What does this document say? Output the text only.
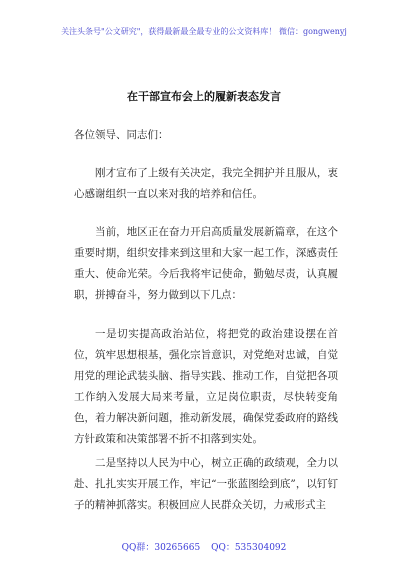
关注头条号"公文研究"，获得最新最全最专业的公文资料库！ 微信：gongwenyj
在干部宣布会上的履新表态发言
各位领导、同志们：

刚才宣布了上级有关决定，我完全拥护并且服从，衷心感谢组织一直以来对我的培养和信任。

当前，地区正在奋力开启高质量发展新篇章，在这个重要时期，组织安排来到这里和大家一起工作，深感责任重大、使命光荣。今后我将牢记使命，勤勉尽责，认真履职，拼搏奋斗，努力做到以下几点：

一是切实提高政治站位，将把党的政治建设摆在首位，筑牢思想根基，强化宗旨意识，对党绝对忠诚，自觉用党的理论武装头脑、指导实践、推动工作，自觉把各项工作纳入发展大局来考量，立足岗位职责，尽快转变角色，着力解决新问题，推动新发展，确保党委政府的路线方针政策和决策部署不折不扣落到实处。

二是坚持以人民为中心，树立正确的政绩观，全力以赴、扎扎实实开展工作，牢记“一张蓝图绘到底”，以钉钉子的精神抓落实。积极回应人民群众关切，力戒形式主

QQ群：30265665 QQ：535304092
